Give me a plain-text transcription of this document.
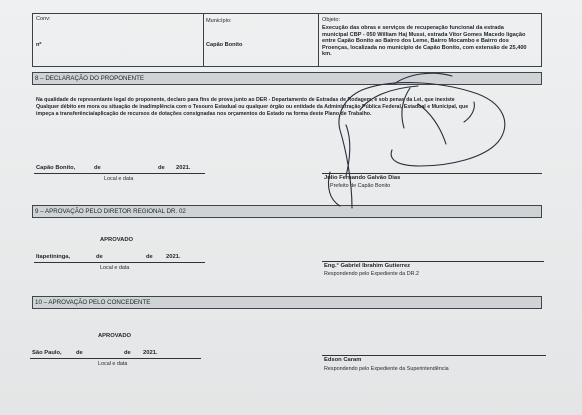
Conv:
nº
Município:
Capão Bonito
Objeto:
Execução das obras e serviços de recuperação funcional da estrada
municipal CBP - 050 William Haj Mussi, estrada Vitor Gomes Macedo ligação
entre Capão Bonito ao Bairro dos Leme, Bairro Mocambo e Bairro dos
Proenças, localizada no município de Capão Bonito, com extensão de 25,400
km.
8 – DECLARAÇÃO DO PROPONENTE
Na qualidade de representante legal do proponente, declaro para fins de prova junto ao DER - Departamento de Estradas de Rodagem, e sob penas da Lei, que inexiste
Qualquer débito em mora ou situação de inadimplência com o Tesouro Estadual ou qualquer órgão ou entidade da Administração Pública Federal, Estadual e Municipal, que
impeça a transferência/aplicação de recursos de dotações consignadas nos orçamentos do Estado na forma deste Plano de Trabalho.
Capão Bonito,	de	de 2021.
Local e data	Julio Fernando Galvão Dias
Prefeito de Capão Bonito
9 – APROVAÇÃO PELO DIRETOR REGIONAL DR. 02
APROVADO
Itapetininga,	de	de 2021.
Local e data	Eng.° Gabriel Ibrahim Gutierrez
Respondendo pelo Expediente da DR.2
10 – APROVAÇÃO PELO CONCEDENTE
APROVADO
São Paulo, de	de 2021.
Local e data
Edson Caram
Respondendo pelo Expediente da Superintendência
